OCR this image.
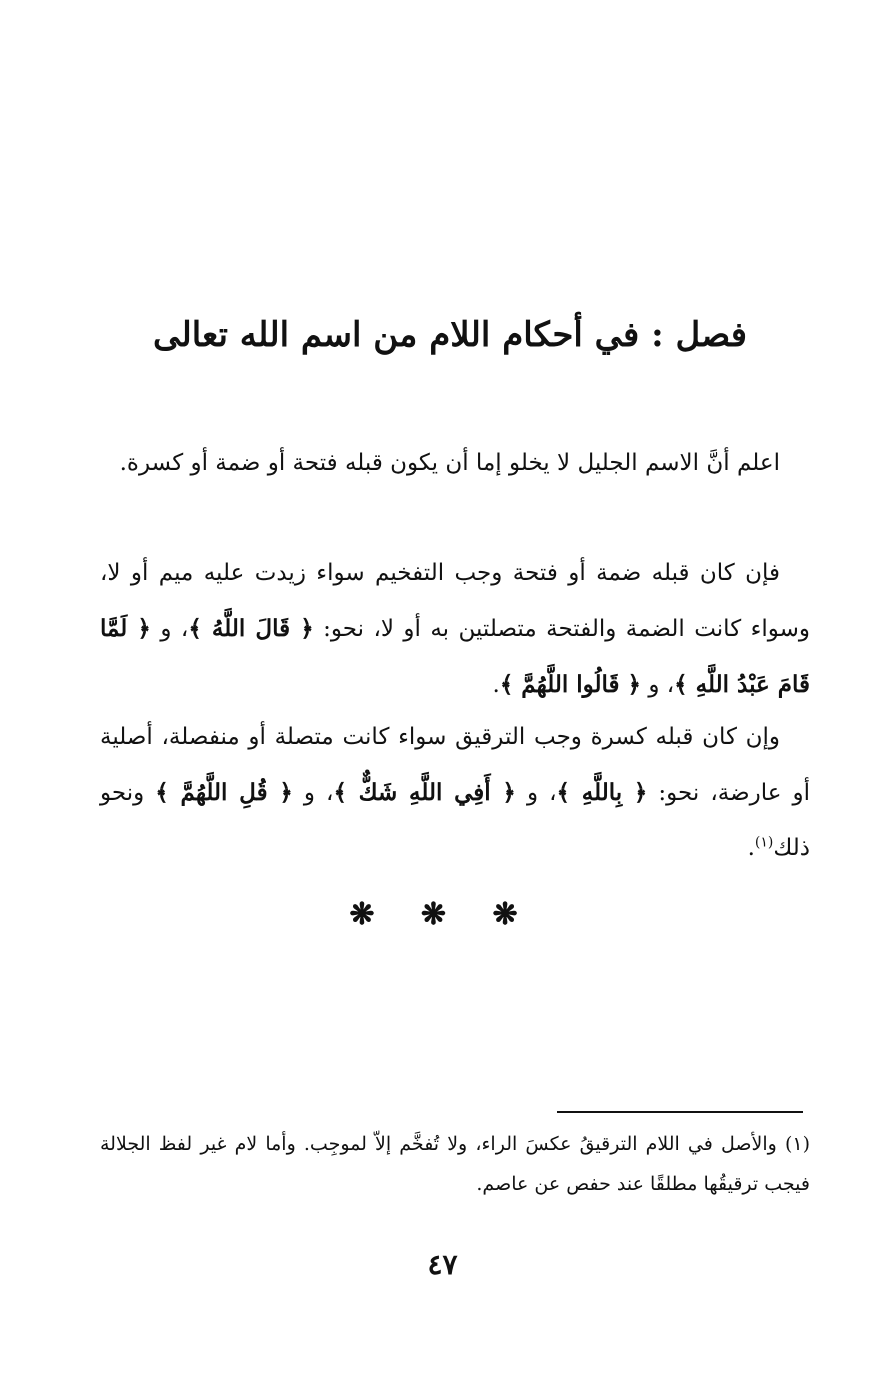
فصل : في أحكام اللام من اسم الله تعالى

اعلم أنَّ الاسم الجليل لا يخلو إما أن يكون قبله فتحة أو ضمة أو كسرة.

فإن كان قبله ضمة أو فتحة وجب التفخيم سواء زيدت عليه ميم أو لا، وسواء كانت الضمة والفتحة متصلتين به أو لا، نحو: ﴿ قَالَ اللَّهُ ﴾، و ﴿ لَمَّا قَامَ عَبْدُ اللَّهِ ﴾، و ﴿ قَالُوا اللَّهُمَّ ﴾.

وإن كان قبله كسرة وجب الترقيق سواء كانت متصلة أو منفصلة، أصلية أو عارضة، نحو: ﴿ بِاللَّهِ ﴾، و ﴿ أَفِي اللَّهِ شَكٌّ ﴾، و ﴿ قُلِ اللَّهُمَّ ﴾ ونحو ذلك$^{(١)}$.

❋ ❋ ❋

(١) والأصل في اللام الترقيقُ عكسَ الراء، ولا تُفخَّم إلاّ لموجِب. وأما لام غير لفظ الجلالة فيجب ترقيقُها مطلقًا عند حفص عن عاصم.

٤٧
